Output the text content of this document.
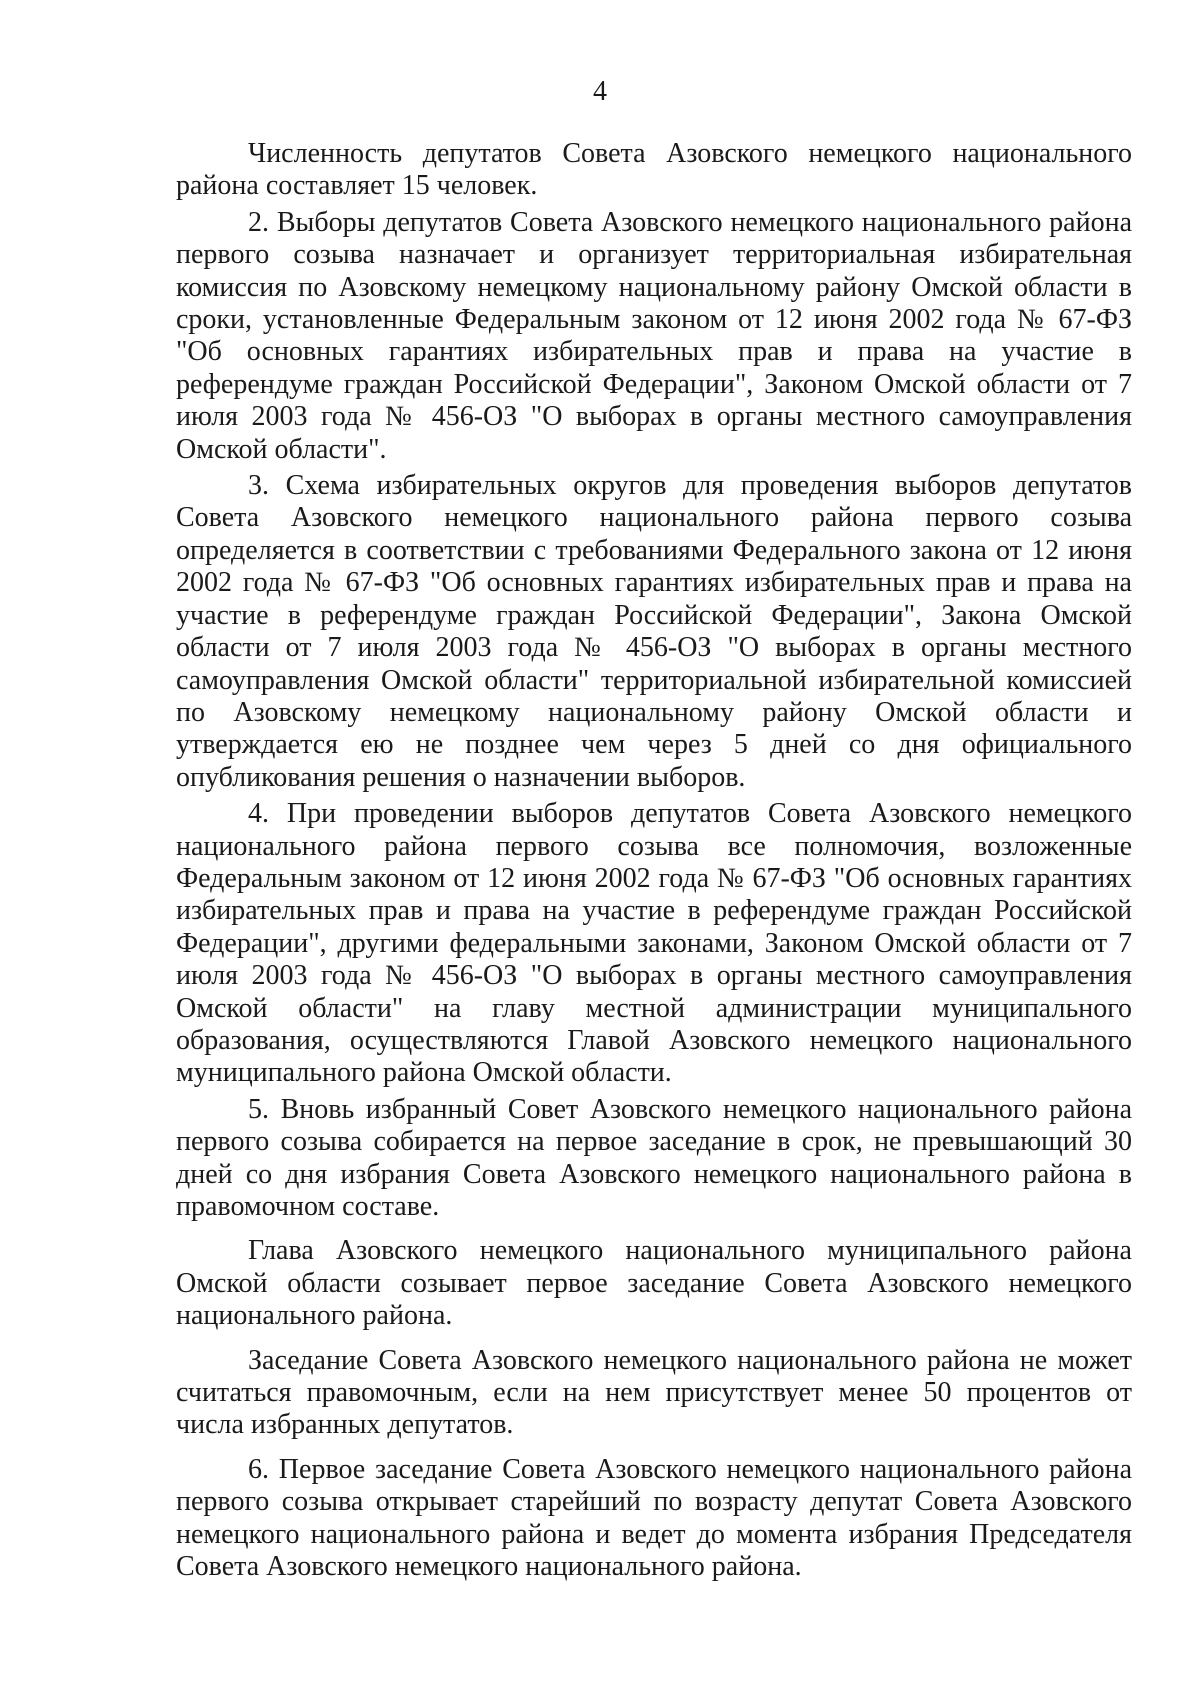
4

Численность депутатов Совета Азовского немецкого национального района составляет 15 человек.

2. Выборы депутатов Совета Азовского немецкого национального района первого созыва назначает и организует территориальная избирательная комиссия по Азовскому немецкому национальному району Омской области в сроки, установленные Федеральным законом от 12 июня 2002 года № 67-ФЗ "Об основных гарантиях избирательных прав и права на участие в референдуме граждан Российской Федерации", Законом Омской области от 7 июля 2003 года № 456-ОЗ "О выборах в органы местного самоуправления Омской области".

3. Схема избирательных округов для проведения выборов депутатов Совета Азовского немецкого национального района первого созыва определяется в соответствии с требованиями Федерального закона от 12 июня 2002 года № 67-ФЗ "Об основных гарантиях избирательных прав и права на участие в референдуме граждан Российской Федерации", Закона Омской области от 7 июля 2003 года № 456-ОЗ "О выборах в органы местного самоуправления Омской области" территориальной избирательной комиссией по Азовскому немецкому национальному району Омской области и утверждается ею не позднее чем через 5 дней со дня официального опубликования решения о назначении выборов.

4. При проведении выборов депутатов Совета Азовского немецкого национального района первого созыва все полномочия, возложенные Федеральным законом от 12 июня 2002 года № 67-ФЗ "Об основных гарантиях избирательных прав и права на участие в референдуме граждан Российской Федерации", другими федеральными законами, Законом Омской области от 7 июля 2003 года № 456-ОЗ "О выборах в органы местного самоуправления Омской области" на главу местной администрации муниципального образования, осуществляются Главой Азовского немецкого национального муниципального района Омской области.

5. Вновь избранный Совет Азовского немецкого национального района первого созыва собирается на первое заседание в срок, не превышающий 30 дней со дня избрания Совета Азовского немецкого национального района в правомочном составе.

Глава Азовского немецкого национального муниципального района Омской области созывает первое заседание Совета Азовского немецкого национального района.

Заседание Совета Азовского немецкого национального района не может считаться правомочным, если на нем присутствует менее 50 процентов от числа избранных депутатов.

6. Первое заседание Совета Азовского немецкого национального района первого созыва открывает старейший по возрасту депутат Совета Азовского немецкого национального района и ведет до момента избрания Председателя Совета Азовского немецкого национального района.
